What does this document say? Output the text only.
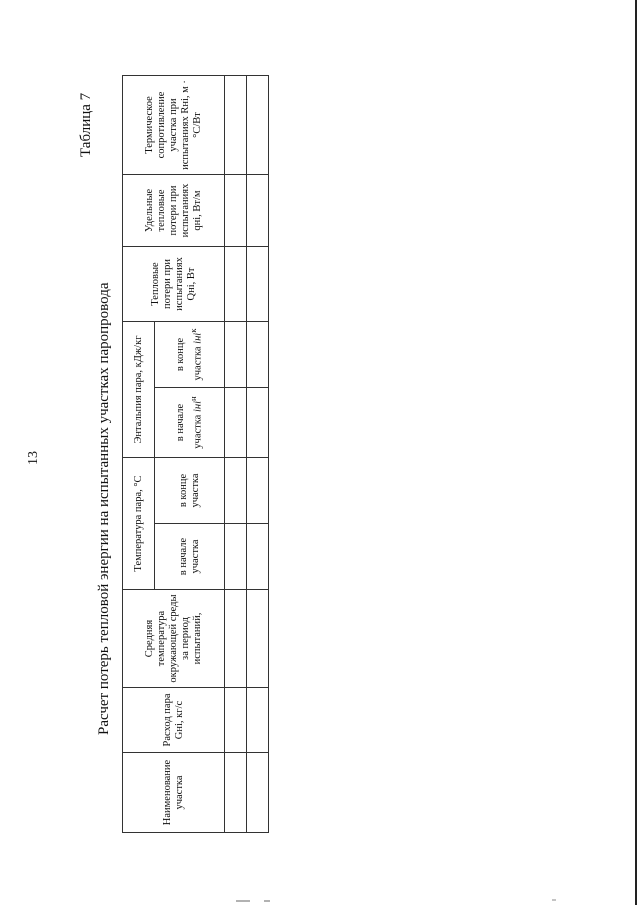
13
Таблица 7
Расчет потерь тепловой энергии на испытанных участках паропровода
Наименование участка	Расход пара Gнi, кг/с	Средняя температура окружающей среды за период испытаний,	Температура пара, °С		Энтальпия пара, кДж/кг		Тепловые потери при испытаниях Qнi, Вт	Удельные тепловые потери при испытаниях qнi, Вт/м	Термическое сопротивление участка при испытаниях Rнi, м · °С/Вт
			в начале участка	в конце участка	в начале участка iнi$^н$	в конце участка iнi$^к$
